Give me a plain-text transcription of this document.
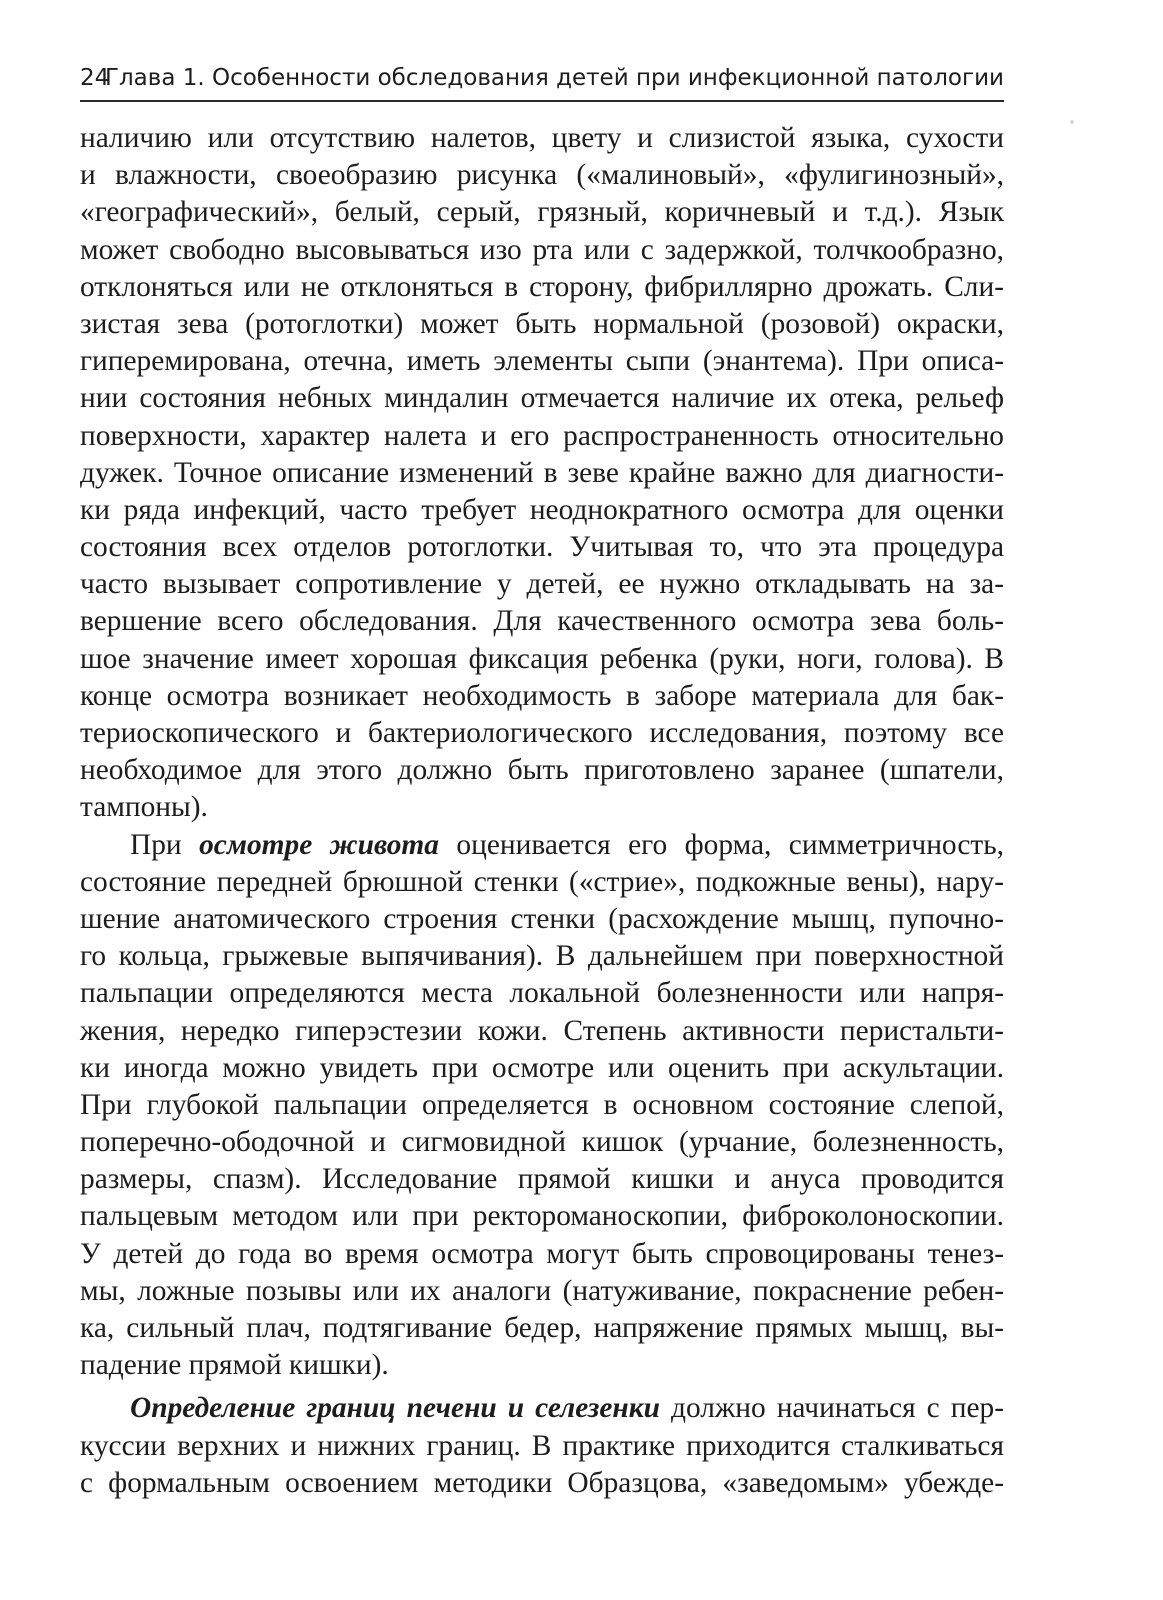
24
Глава 1. Особенности обследования детей при инфекционной патологии

наличию или отсутствию налетов, цвету и слизистой языка, сухости
и влажности, своеобразию рисунка («малиновый», «фулигинозный»,
«географический», белый, серый, грязный, коричневый и т.д.). Язык
может свободно высовываться изо рта или с задержкой, толчкообразно,
отклоняться или не отклоняться в сторону, фибриллярно дрожать. Сли-
зистая зева (ротоглотки) может быть нормальной (розовой) окраски,
гиперемирована, отечна, иметь элементы сыпи (энантема). При описа-
нии состояния небных миндалин отмечается наличие их отека, рельеф
поверхности, характер налета и его распространенность относительно
дужек. Точное описание изменений в зеве крайне важно для диагности-
ки ряда инфекций, часто требует неоднократного осмотра для оценки
состояния всех отделов ротоглотки. Учитывая то, что эта процедура
часто вызывает сопротивление у детей, ее нужно откладывать на за-
вершение всего обследования. Для качественного осмотра зева боль-
шое значение имеет хорошая фиксация ребенка (руки, ноги, голова). В
конце осмотра возникает необходимость в заборе материала для бак-
териоскопического и бактериологического исследования, поэтому все
необходимое для этого должно быть приготовлено заранее (шпатели,
тампоны).

При осмотре живота оценивается его форма, симметричность,
состояние передней брюшной стенки («стрие», подкожные вены), нару-
шение анатомического строения стенки (расхождение мышц, пупочно-
го кольца, грыжевые выпячивания). В дальнейшем при поверхностной
пальпации определяются места локальной болезненности или напря-
жения, нередко гиперэстезии кожи. Степень активности перистальти-
ки иногда можно увидеть при осмотре или оценить при аскультации.
При глубокой пальпации определяется в основном состояние слепой,
поперечно-ободочной и сигмовидной кишок (урчание, болезненность,
размеры, спазм). Исследование прямой кишки и ануса проводится
пальцевым методом или при ректороманоскопии, фиброколоноскопии.
У детей до года во время осмотра могут быть спровоцированы тенез-
мы, ложные позывы или их аналоги (натуживание, покраснение ребен-
ка, сильный плач, подтягивание бедер, напряжение прямых мышц, вы-
падение прямой кишки).

Определение границ печени и селезенки должно начинаться с пер-
куссии верхних и нижних границ. В практике приходится сталкиваться
с формальным освоением методики Образцова, «заведомым» убежде-
